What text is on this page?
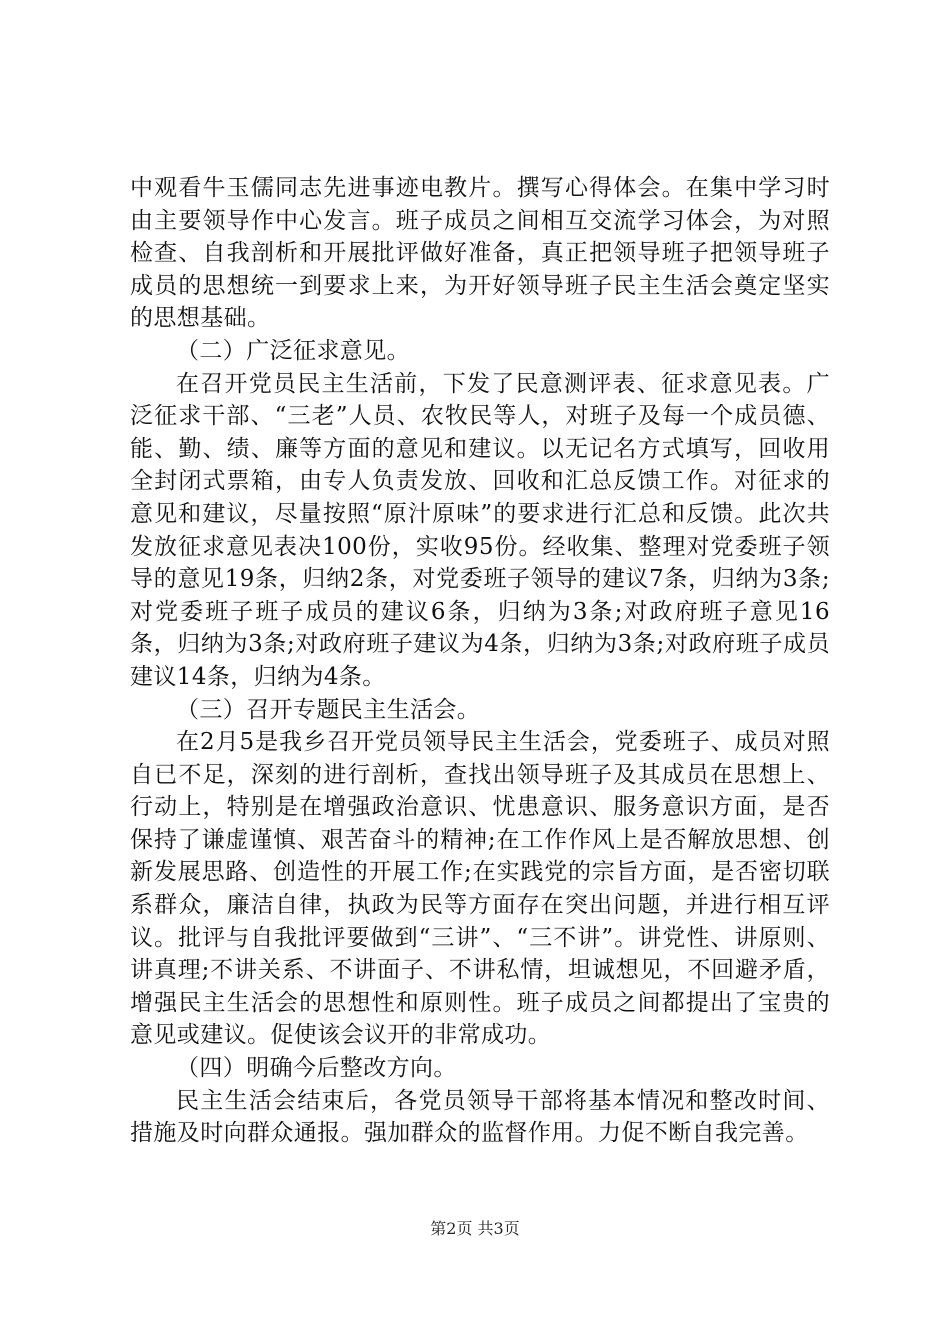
中观看牛玉儒同志先进事迹电教片。撰写心得体会。在集中学习时由主要领导作中心发言。班子成员之间相互交流学习体会，为对照检查、自我剖析和开展批评做好准备，真正把领导班子把领导班子成员的思想统一到要求上来，为开好领导班子民主生活会奠定坚实的思想基础。

（二）广泛征求意见。

在召开党员民主生活前，下发了民意测评表、征求意见表。广泛征求干部、“三老”人员、农牧民等人，对班子及每一个成员德、能、勤、绩、廉等方面的意见和建议。以无记名方式填写，回收用全封闭式票箱，由专人负责发放、回收和汇总反馈工作。对征求的意见和建议，尽量按照“原汁原味”的要求进行汇总和反馈。此次共发放征求意见表决100份，实收95份。经收集、整理对党委班子领导的意见19条，归纳2条，对党委班子领导的建议7条，归纳为3条;对党委班子班子成员的建议6条，归纳为3条;对政府班子意见16条，归纳为3条;对政府班子建议为4条，归纳为3条;对政府班子成员建议14条，归纳为4条。

（三）召开专题民主生活会。

在2月5是我乡召开党员领导民主生活会，党委班子、成员对照自已不足，深刻的进行剖析，查找出领导班子及其成员在思想上、行动上，特别是在增强政治意识、忧患意识、服务意识方面，是否保持了谦虚谨慎、艰苦奋斗的精神;在工作作风上是否解放思想、创新发展思路、创造性的开展工作;在实践党的宗旨方面，是否密切联系群众，廉洁自律，执政为民等方面存在突出问题，并进行相互评议。批评与自我批评要做到“三讲”、“三不讲”。讲党性、讲原则、讲真理;不讲关系、不讲面子、不讲私情，坦诚想见，不回避矛盾，增强民主生活会的思想性和原则性。班子成员之间都提出了宝贵的意见或建议。促使该会议开的非常成功。

（四）明确今后整改方向。

民主生活会结束后，各党员领导干部将基本情况和整改时间、措施及时向群众通报。强加群众的监督作用。力促不断自我完善。

第2页 共3页
